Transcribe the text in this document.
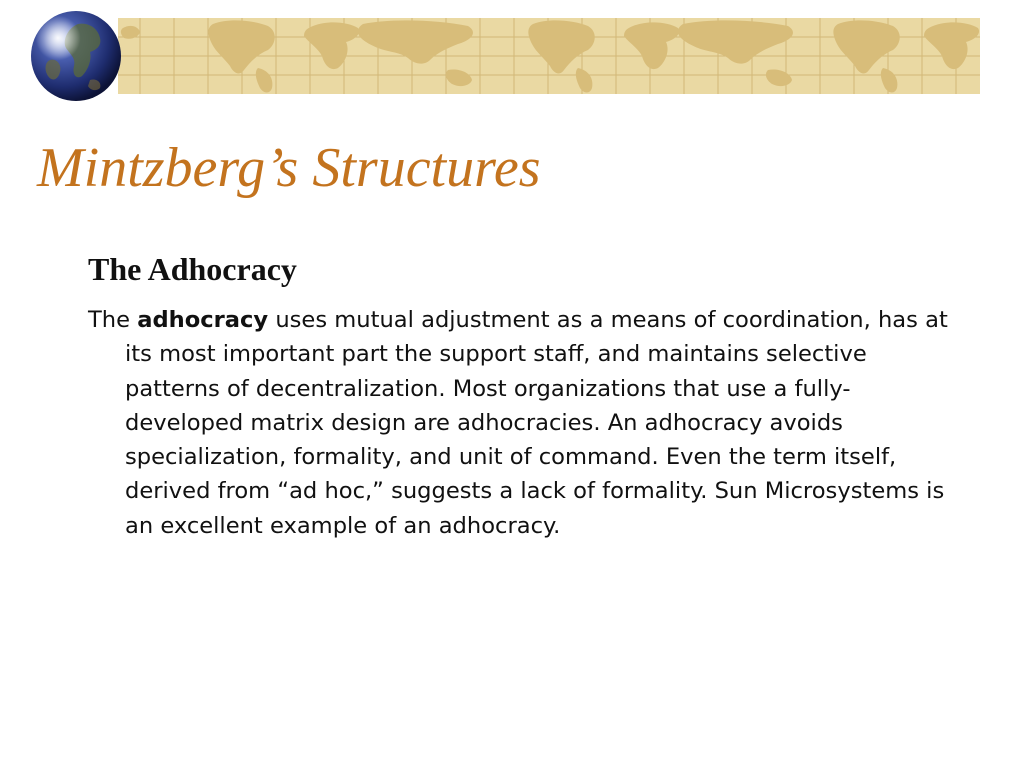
Mintzberg’s Structures
The Adhocracy

The adhocracy uses mutual adjustment as a means of coordination, has at its most important part the support staff, and maintains selective patterns of decentralization. Most organizations that use a fully-developed matrix design are adhocracies. An adhocracy avoids specialization, formality, and unit of command. Even the term itself, derived from “ad hoc,” suggests a lack of formality. Sun Microsystems is an excellent example of an adhocracy.
